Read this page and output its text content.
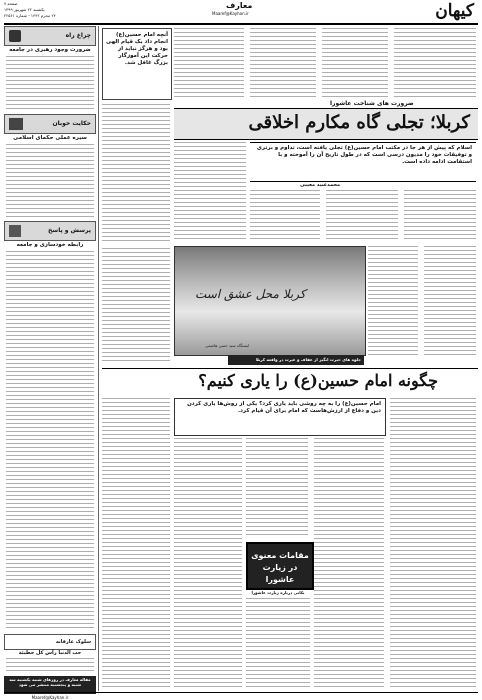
کیهان
معارف
Maaref@Kayhan.ir
صفحه ۷
یکشنبه ۲۲ شهریور ۱۳۹۹
۲۴ محرم ۱۴۴۲ - شماره ۲۲۵۶۱
چراغ راه
ضرورت وجود رهبری در جامعه
حکایت خوبان
سیره عملی حکمای اسلامی
پرسش و پاسخ
رابطه خودسازی و جامعه
سلوک عارفانه
حب الدنیا رأس کل خطیئة
مقاله معارف در روزهای شنبه یکشنبه سه شنبه و پنجشنبه منتشر می شود
Maaref@Kayhan.ir
آنچه امام حسین(ع) انجام داد یک قیام الهی بود و هرگز نباید از حرکت این آموزگار بزرگ غافل شد.
ضرورت های شناخت عاشورا
کربلا؛ تجلی گاه مکارم اخلاقی
اسلام که پیش از هر جا در مکتب امام حسین(ع) تجلی یافته است، تداوم و برتری و توفیقات خود را مدیون درسی است که در طول تاریخ آن را آموخته و با استقامت ادامه داده است.
محمدعبید معینی
کربلا محل عشق است
ایستگاه سید حسن هاشمی
جلوه های حیرت انگیز از عفاف و غیرت در واقعه کربلا
چگونه امام حسین(ع) را یاری کنیم؟
امام حسین(ع) را به چه روشی باید یاری کرد؟ یکی از روش‌ها یاری کردن دین و دفاع از ارزش‌هاست که امام برای آن قیام کرد.
مقامات معنوی در زیارت عاشورا
نکاتی درباره زیارت عاشورا
